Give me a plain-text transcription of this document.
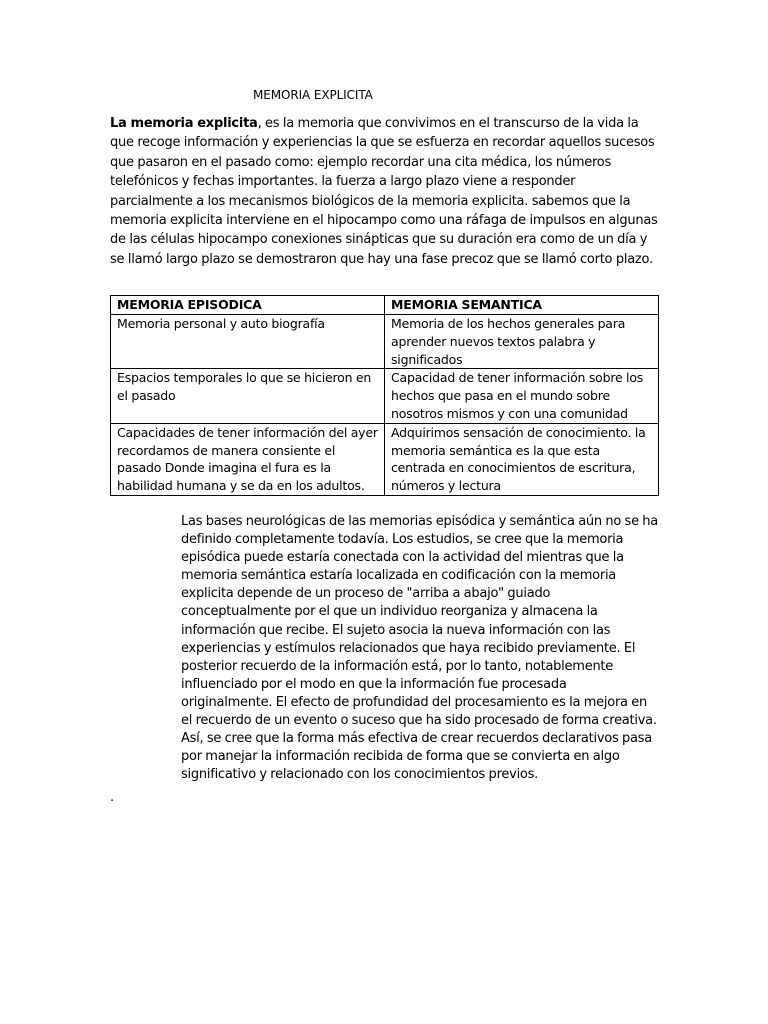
MEMORIA EXPLICITA

La memoria explicita, es la memoria que convivimos en el transcurso de la vida la que recoge información y experiencias la que se esfuerza en recordar aquellos sucesos que pasaron en el pasado como: ejemplo recordar una cita médica, los números telefónicos y fechas importantes. la fuerza a largo plazo viene a responder parcialmente a los mecanismos biológicos de la memoria explicita. sabemos que la memoria explicita interviene en el hipocampo como una ráfaga de impulsos en algunas de las células hipocampo conexiones sinápticas que su duración era como de un día y se llamó largo plazo se demostraron que hay una fase precoz que se llamó corto plazo.

MEMORIA EPISODICA	MEMORIA SEMANTICA
Memoria personal y auto biografía	Memoria de los hechos generales para aprender nuevos textos palabra y significados
Espacios temporales lo que se hicieron en el pasado	Capacidad de tener información sobre los hechos que pasa en el mundo sobre nosotros mismos y con una comunidad
Capacidades de tener información del ayer recordamos de manera consiente el pasado Donde imagina el fura es la habilidad humana y se da en los adultos.	Adquirimos sensación de conocimiento. la memoria semántica es la que esta centrada en conocimientos de escritura, números y lectura

Las bases neurológicas de las memorias episódica y semántica aún no se ha definido completamente todavía. Los estudios, se cree que la memoria episódica puede estaría conectada con la actividad del mientras que la memoria semántica estaría localizada en codificación con la memoria explicita depende de un proceso de "arriba a abajo" guiado conceptualmente por el que un individuo reorganiza y almacena la información que recibe. El sujeto asocia la nueva información con las experiencias y estímulos relacionados que haya recibido previamente. El posterior recuerdo de la información está, por lo tanto, notablemente influenciado por el modo en que la información fue procesada originalmente. El efecto de profundidad del procesamiento es la mejora en el recuerdo de un evento o suceso que ha sido procesado de forma creativa. Así, se cree que la forma más efectiva de crear recuerdos declarativos pasa por manejar la información recibida de forma que se convierta en algo significativo y relacionado con los conocimientos previos.

.
